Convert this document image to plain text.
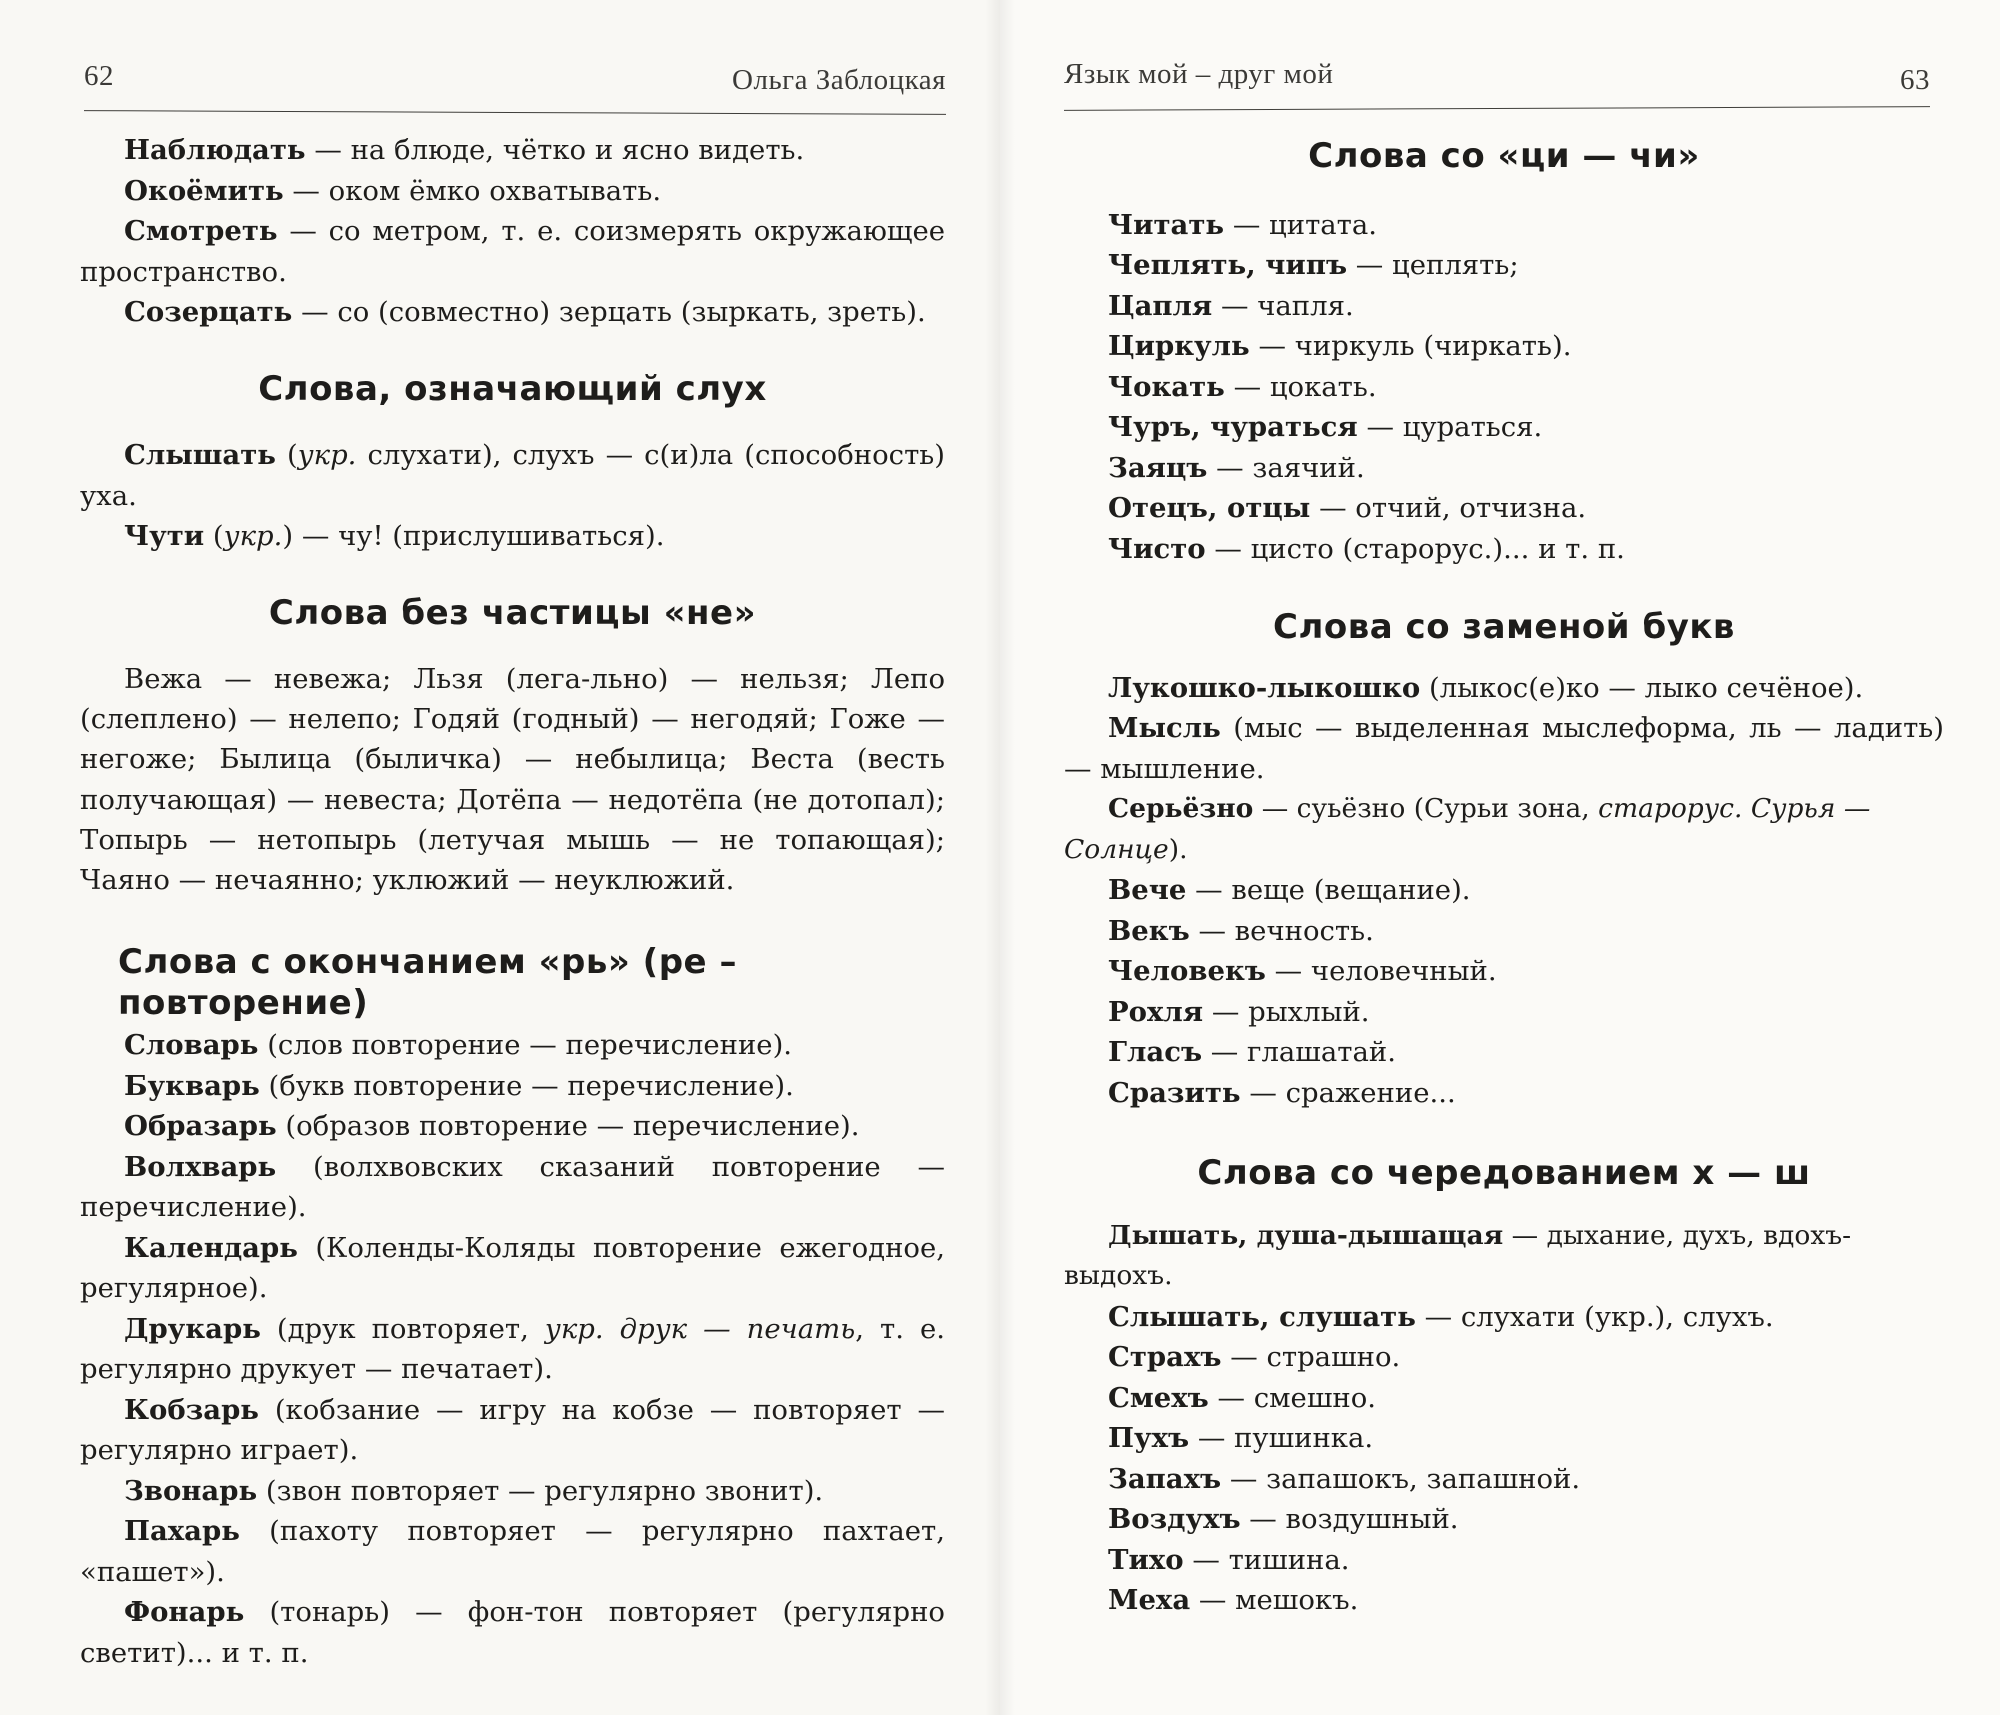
62	Ольга Заблоцкая

Наблюдать — на блюде, чётко и ясно видеть.

Окоёмить — оком ёмко охватывать.

Смотреть — со метром, т. е. соизмерять окружающее пространство.

Созерцать — со (совместно) зерцать (зыркать, зреть).

Слова, означающий слух

Слышать (укр. слухати), слухъ — с(и)ла (способность) уха.

Чути (укр.) — чу! (прислушиваться).

Слова без частицы «не»

Вежа — невежа; Льзя (лега-льно) — нельзя; Лепо (слеплено) — нелепо; Годяй (годный) — негодяй; Гоже — негоже; Былица (быличка) — небылица; Веста (весть получающая) — невеста; Дотёпа — недотёпа (не дотопал); Топырь — нетопырь (летучая мышь — не топающая); Чаяно — нечаянно; уклюжий — неуклюжий.

Слова с окончанием «рь» (ре – повторение)

Словарь (слов повторение — перечисление).

Букварь (букв повторение — перечисление).

Образарь (образов повторение — перечисление).

Волхварь (волхвовских сказаний повторение — перечисление).

Календарь (Коленды-Коляды повторение ежегодное, регулярное).

Друкарь (друк повторяет, укр. друк — печать, т. е. регулярно друкует — печатает).

Кобзарь (кобзание — игру на кобзе — повторяет — регулярно играет).

Звонарь (звон повторяет — регулярно звонит).

Пахарь (пахоту повторяет — регулярно пахтает, «пашет»).

Фонарь (тонарь) — фон-тон повторяет (регулярно светит)... и т. п.

Язык мой – друг мой	63
Слова со «ци — чи»

Читать — цитата.

Чеплять, чипъ — цеплять;

Цапля — чапля.

Циркуль — чиркуль (чиркать).

Чокать — цокать.

Чуръ, чураться — цураться.

Заяцъ — заячий.

Отецъ, отцы — отчий, отчизна.

Чисто — цисто (старорус.)... и т. п.

Слова со заменой букв

Лукошко-лыкошко (лыкос(е)ко — лыко сечёное).

Мысль (мыс — выделенная мыслеформа, ль — ладить) — мышление.

Серьёзно — суьёзно (Сурьи зона, старорус. Сурья — Солнце).

Вече — веще (вещание).

Векъ — вечность.

Человекъ — человечный.

Рохля — рыхлый.

Гласъ — глашатай.

Сразить — сражение...

Слова со чередованием х — ш

Дышать, душа-дышащая — дыхание, духъ, вдохъ-выдохъ.

Слышать, слушать — слухати (укр.), слухъ.

Страхъ — страшно.

Смехъ — смешно.

Пухъ — пушинка.

Запахъ — запашокъ, запашной.

Воздухъ — воздушный.

Тихо — тишина.

Меха — мешокъ.
